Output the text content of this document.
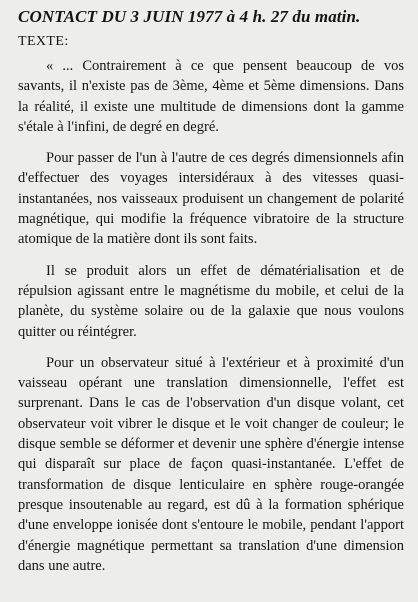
CONTACT DU 3 JUIN 1977 à 4 h. 27 du matin.
TEXTE:

« ... Contrairement à ce que pensent beaucoup de vos savants, il n'existe pas de 3ème, 4ème et 5ème dimensions. Dans la réalité, il existe une multitude de dimensions dont la gamme s'étale à l'infini, de degré en degré.

Pour passer de l'un à l'autre de ces degrés dimensionnels afin d'effectuer des voyages intersidéraux à des vitesses quasi-instantanées, nos vaisseaux produisent un changement de polarité magnétique, qui modifie la fréquence vibratoire de la structure atomique de la matière dont ils sont faits.

Il se produit alors un effet de dématérialisation et de répulsion agissant entre le magnétisme du mobile, et celui de la planète, du système solaire ou de la galaxie que nous voulons quitter ou réintégrer.

Pour un observateur situé à l'extérieur et à proximité d'un vaisseau opérant une translation dimensionnelle, l'effet est surprenant. Dans le cas de l'observation d'un disque volant, cet observateur voit vibrer le disque et le voit changer de couleur; le disque semble se déformer et devenir une sphère d'énergie intense qui disparaît sur place de façon quasi-instantanée. L'effet de transformation de disque lenticulaire en sphère rouge-orangée presque insoutenable au regard, est dû à la formation sphérique d'une enveloppe ionisée dont s'entoure le mobile, pendant l'apport d'énergie magnétique permettant sa translation d'une dimension dans une autre.
